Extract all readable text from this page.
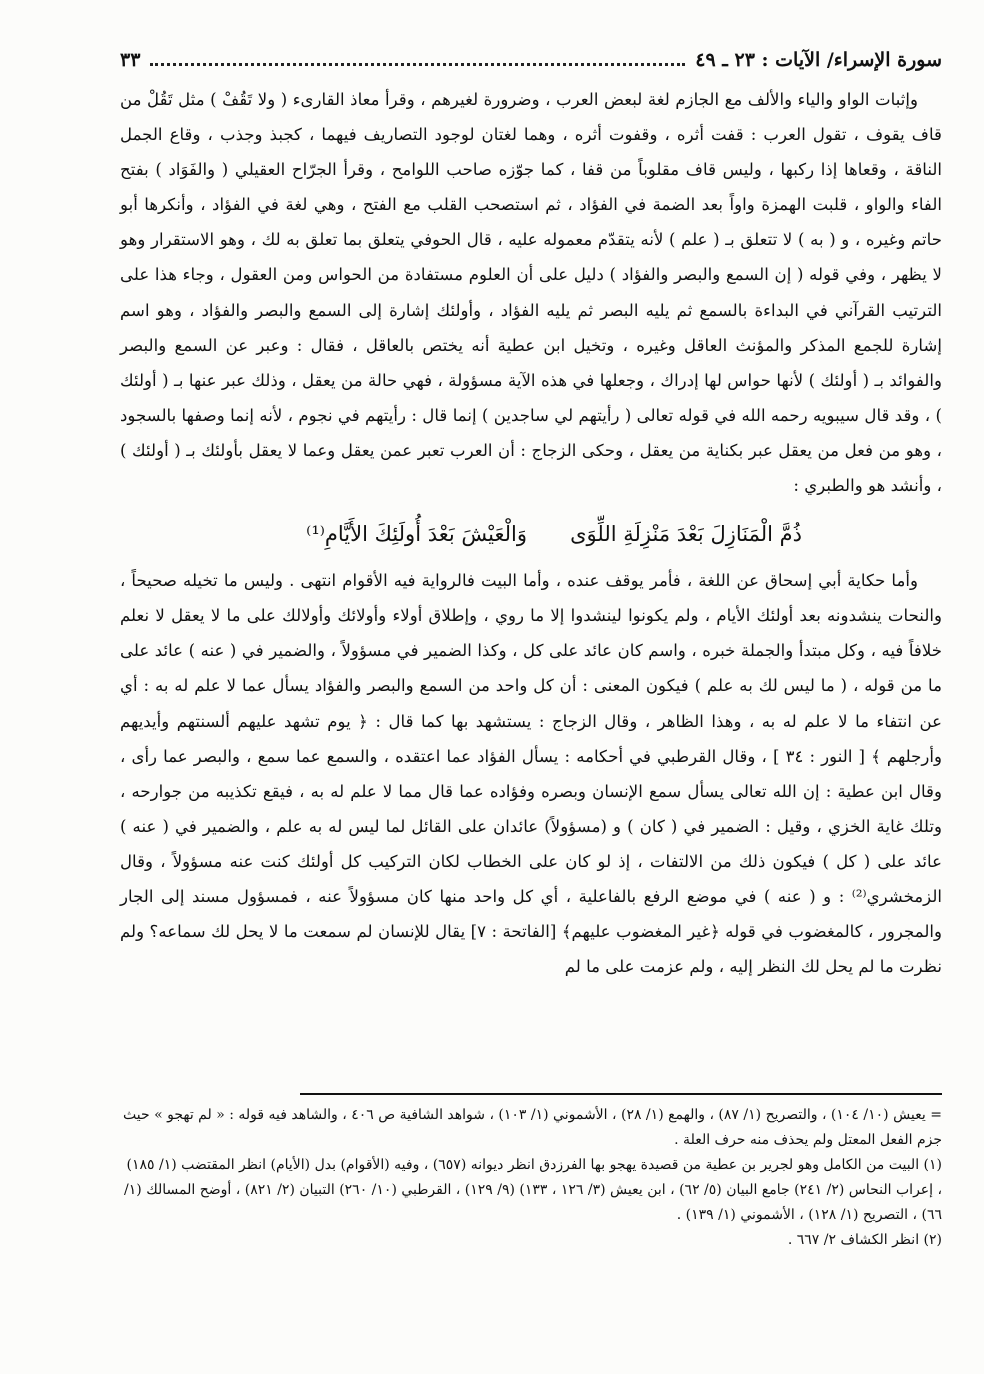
سورة الإسراء/ الآيات : ٢٣ ـ ٤٩
٣٣

وإثبات الواو والياء والألف مع الجازم لغة لبعض العرب ، وضرورة لغيرهم ، وقرأ معاذ القارىء ( ولا تَقُفْ ) مثل تَقُلْ من قاف يقوف ، تقول العرب : قفت أثره ، وقفوت أثره ، وهما لغتان لوجود التصاريف فيهما ، كجبذ وجذب ، وقاع الجمل الناقة ، وقعاها إذا ركبها ، وليس قاف مقلوباً من قفا ، كما جوّزه صاحب اللوامح ، وقرأ الجرّاح العقيلي ( والفَوَاد ) بفتح الفاء والواو ، قلبت الهمزة واواً بعد الضمة في الفؤاد ، ثم استصحب القلب مع الفتح ، وهي لغة في الفؤاد ، وأنكرها أبو حاتم وغيره ، و ( به ) لا تتعلق بـ ( علم ) لأنه يتقدّم معموله عليه ، قال الحوفي يتعلق بما تعلق به لك ، وهو الاستقرار وهو لا يظهر ، وفي قوله ( إن السمع والبصر والفؤاد ) دليل على أن العلوم مستفادة من الحواس ومن العقول ، وجاء هذا على الترتيب القرآني في البداءة بالسمع ثم يليه البصر ثم يليه الفؤاد ، وأولئك إشارة إلى السمع والبصر والفؤاد ، وهو اسم إشارة للجمع المذكر والمؤنث العاقل وغيره ، وتخيل ابن عطية أنه يختص بالعاقل ، فقال : وعبر عن السمع والبصر والفوائد بـ ( أولئك ) لأنها حواس لها إدراك ، وجعلها في هذه الآية مسؤولة ، فهي حالة من يعقل ، وذلك عبر عنها بـ ( أولئك ) ، وقد قال سيبويه رحمه الله في قوله تعالى ( رأيتهم لي ساجدين ) إنما قال : رأيتهم في نجوم ، لأنه إنما وصفها بالسجود ، وهو من فعل من يعقل عبر بكناية من يعقل ، وحكى الزجاج : أن العرب تعبر عمن يعقل وعما لا يعقل بأولئك بـ ( أولئك ) ، وأنشد هو والطبري :

ذُمَّ الْمَنَازِلَ بَعْدَ مَنْزِلَةِ اللِّوَى
وَالْعَيْشَ بَعْدَ أُولَئِكَ الأَيَّامِ⁽¹⁾

وأما حكاية أبي إسحاق عن اللغة ، فأمر يوقف عنده ، وأما البيت فالرواية فيه الأقوام انتهى . وليس ما تخيله صحيحاً ، والنحات ينشدونه بعد أولئك الأيام ، ولم يكونوا لينشدوا إلا ما روي ، وإطلاق أولاء وأولائك وأولالك على ما لا يعقل لا نعلم خلافاً فيه ، وكل مبتدأ والجملة خبره ، واسم كان عائد على كل ، وكذا الضمير في مسؤولاً ، والضمير في ( عنه ) عائد على ما من قوله ، ( ما ليس لك به علم ) فيكون المعنى : أن كل واحد من السمع والبصر والفؤاد يسأل عما لا علم له به : أي عن انتفاء ما لا علم له به ، وهذا الظاهر ، وقال الزجاج : يستشهد بها كما قال : ﴿ يوم تشهد عليهم ألسنتهم وأيديهم وأرجلهم ﴾ [ النور : ٣٤ ] ، وقال القرطبي في أحكامه : يسأل الفؤاد عما اعتقده ، والسمع عما سمع ، والبصر عما رأى ، وقال ابن عطية : إن الله تعالى يسأل سمع الإنسان وبصره وفؤاده عما قال مما لا علم له به ، فيقع تكذيبه من جوارحه ، وتلك غاية الخزي ، وقيل : الضمير في ( كان ) و (مسؤولاً) عائدان على القائل لما ليس له به علم ، والضمير في ( عنه ) عائد على ( كل ) فيكون ذلك من الالتفات ، إذ لو كان على الخطاب لكان التركيب كل أولئك كنت عنه مسؤولاً ، وقال الزمخشري⁽²⁾ : و ( عنه ) في موضع الرفع بالفاعلية ، أي كل واحد منها كان مسؤولاً عنه ، فمسؤول مسند إلى الجار والمجرور ، كالمغضوب في قوله ﴿غير المغضوب عليهم﴾ [الفاتحة : ٧] يقال للإنسان لم سمعت ما لا يحل لك سماعه؟ ولم نظرت ما لم يحل لك النظر إليه ، ولم عزمت على ما لم

= يعيش (١٠/ ١٠٤) ، والتصريح (١/ ٨٧) ، والهمع (١/ ٢٨) ، الأشموني (١/ ١٠٣) ، شواهد الشافية ص ٤٠٦ ، والشاهد فيه قوله : « لم تهجو » حيث جزم الفعل المعتل ولم يحذف منه حرف العلة .

(١) البيت من الكامل وهو لجرير بن عطية من قصيدة يهجو بها الفرزدق انظر ديوانه (٦٥٧) ، وفيه (الأقوام) بدل (الأيام) انظر المقتضب (١/ ١٨٥) ، إعراب النحاس (٢/ ٢٤١) جامع البيان (٥/ ٦٢) ، ابن يعيش (٣/ ١٢٦ ، ١٣٣) (٩/ ١٢٩) ، القرطبي (١٠/ ٢٦٠) التبيان (٢/ ٨٢١) ، أوضح المسالك (١/ ٦٦) ، التصريح (١/ ١٢٨) ، الأشموني (١/ ١٣٩) .

(٢) انظر الكشاف ٢/ ٦٦٧ .
